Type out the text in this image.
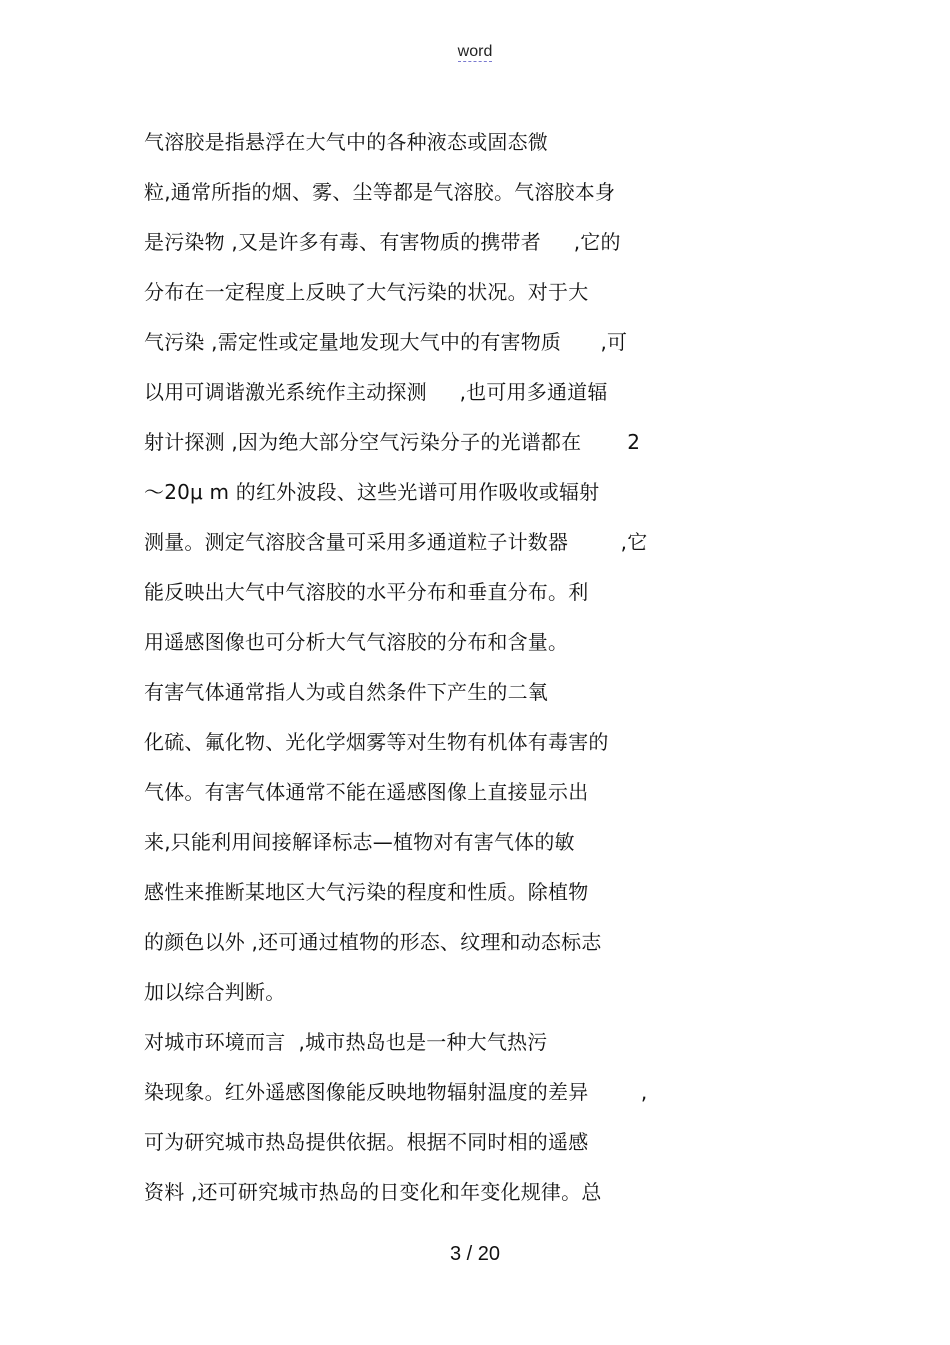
word
气溶胶是指悬浮在大气中的各种液态或固态微
粒,通常所指的烟、雾、尘等都是气溶胶。气溶胶本身
是污染物 ,又是许多有毒、有害物质的携带者     ,它的
分布在一定程度上反映了大气污染的状况。对于大
气污染 ,需定性或定量地发现大气中的有害物质      ,可
以用可调谐激光系统作主动探测     ,也可用多通道辐
射计探测 ,因为绝大部分空气污染分子的光谱都在       2
～20μ m 的红外波段、这些光谱可用作吸收或辐射
测量。测定气溶胶含量可采用多通道粒子计数器        ,它
能反映出大气中气溶胶的水平分布和垂直分布。利
用遥感图像也可分析大气气溶胶的分布和含量。
有害气体通常指人为或自然条件下产生的二氧
化硫、氟化物、光化学烟雾等对生物有机体有毒害的
气体。有害气体通常不能在遥感图像上直接显示出
来,只能利用间接解译标志—植物对有害气体的敏
感性来推断某地区大气污染的程度和性质。除植物
的颜色以外 ,还可通过植物的形态、纹理和动态标志
加以综合判断。
对城市环境而言  ,城市热岛也是一种大气热污
染现象。红外遥感图像能反映地物辐射温度的差异        ,
可为研究城市热岛提供依据。根据不同时相的遥感
资料 ,还可研究城市热岛的日变化和年变化规律。总
3 / 20
